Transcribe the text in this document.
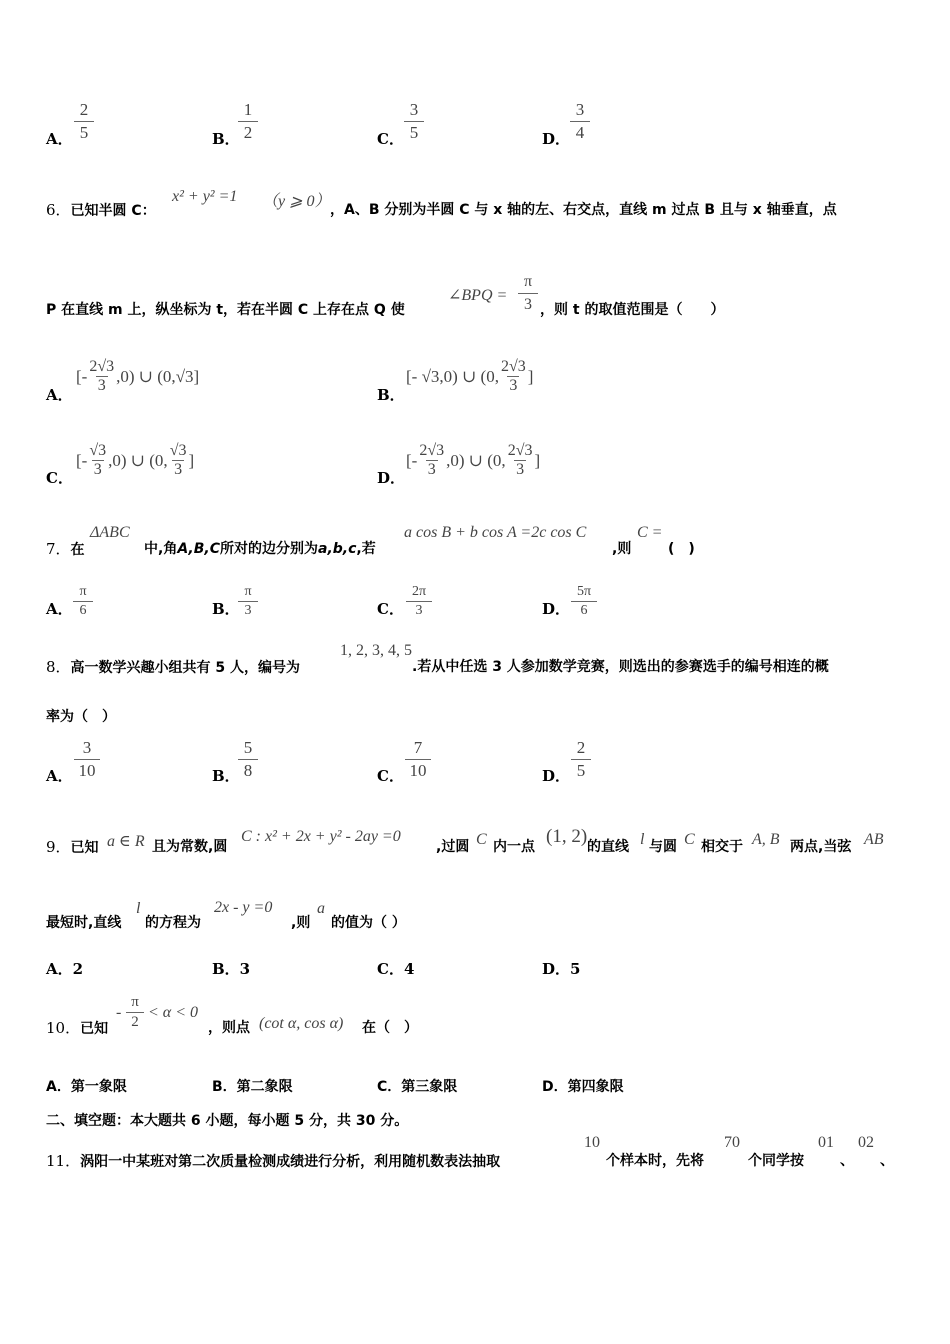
A．
2
5	B．
1
2	C．
3
5	D．
3
4
6．已知半圆 C：
x² + y² =1 （y ⩾ 0） ，A、B 分别为半圆 C 与 x 轴的左、右交点，直线 m 过点 B 且与 x 轴垂直，点
P 在直线 m 上，纵坐标为 t，若在半圆 C 上存在点 Q 使
∠BPQ =
π
3 ，则 t 的取值范围是（　　）
A．
[- 2√3
3 ,0) ∪ (0, √3]
B．
[- √3,0) ∪ (0, 2√3
3 ]
C．
[- √3
3 ,0) ∪ (0, √3
3 ]
D．
[- 2√3
3 ,0) ∪ (0, 2√3
3 ]
7．在
ΔABC
中,角A,B,C所对的边分别为a,b,c,若
a cos B + b cos A =2c cos C
,则
C =
(　)
A．
π
6	B．
π
3	C．
2π
3	D．
5π
6
8．高一数学兴趣小组共有 5 人，编号为
1, 2, 3, 4, 5
.若从中任选 3 人参加数学竞赛，则选出的参赛选手的编号相连的概
率为（　）
A．
3
10	B．
5
8	C．
7
10	D．
2
5
9．已知 a ∈ R 且为常数,圆
C : x² + 2x + y² - 2ay =0
,过圆 C 内一点 (1, 2) 的直线 l 与圆 C 相交于 A, B 两点,当弦 AB
最短时,直线
l
的方程为
2x - y =0
,则
a
的值为（ ）
A．2	B．3	C．4	D．5
10．已知
-
π
2
< α < 0
，则点 (cot α, cos α) 在（　）
A．第一象限	B．第二象限	C．第三象限	D．第四象限
二、填空题：本大题共 6 小题，每小题 5 分，共 30 分。
11．涡阳一中某班对第二次质量检测成绩进行分析，利用随机数表法抽取
10
个样本时，先将
70
个同学按
01
、
02
、
